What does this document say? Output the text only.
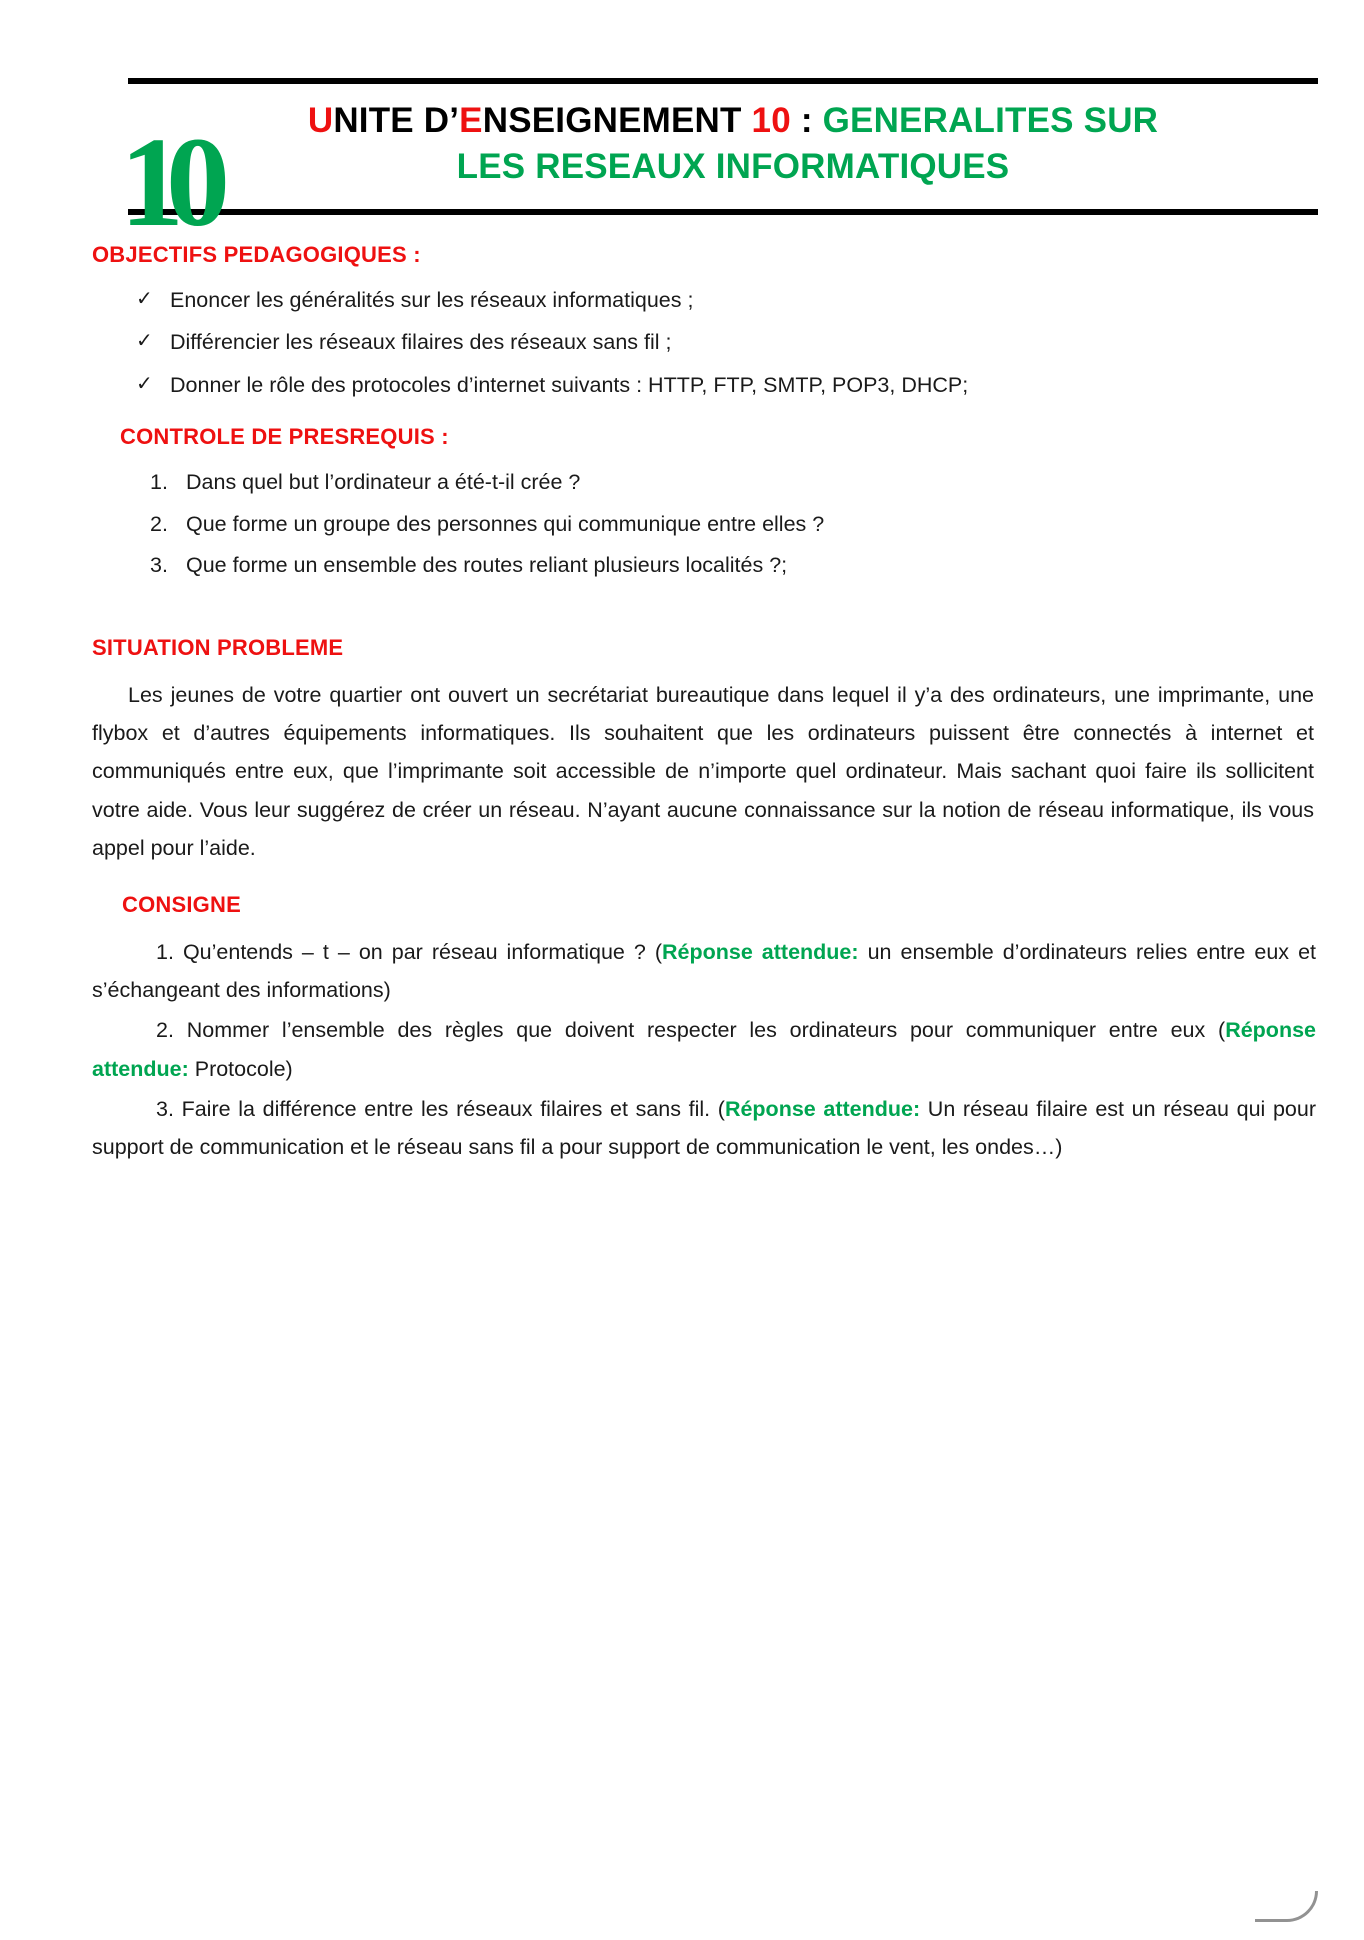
UNITE D’ENSEIGNEMENT 10 : GENERALITES SUR
LES RESEAUX INFORMATIQUES
1
0
OBJECTIFS PEDAGOGIQUES :
✓ Enoncer les généralités sur les réseaux informatiques ;
✓ Différencier les réseaux filaires des réseaux sans fil ;
✓ Donner le rôle des protocoles d’internet suivants : HTTP, FTP, SMTP, POP3, DHCP;
CONTROLE DE PRESREQUIS :
Dans quel but l’ordinateur a été-t-il crée ?
Que forme un groupe des personnes qui communique entre elles ?
Que forme un ensemble des routes reliant plusieurs localités ?;
SITUATION PROBLEME

Les jeunes de votre quartier ont ouvert un secrétariat bureautique dans lequel il y’a des ordinateurs, une imprimante, une flybox et d’autres équipements informatiques. Ils souhaitent que les ordinateurs puissent être connectés à internet et communiqués entre eux, que l’imprimante soit accessible de n’importe quel ordinateur. Mais sachant quoi faire ils sollicitent votre aide. Vous leur suggérez de créer un réseau. N’ayant aucune connaissance sur la notion de réseau informatique, ils vous appel pour l’aide.

CONSIGNE
1. Qu’entends – t – on par réseau informatique ? (Réponse attendue: un ensemble d’ordinateurs relies entre eux et s’échangeant des informations)
2. Nommer l’ensemble des règles que doivent respecter les ordinateurs pour communiquer entre eux (Réponse attendue: Protocole)
3. Faire la différence entre les réseaux filaires et sans fil. (Réponse attendue: Un réseau filaire est un réseau qui pour support de communication et le réseau sans fil a pour support de communication le vent, les ondes…)
